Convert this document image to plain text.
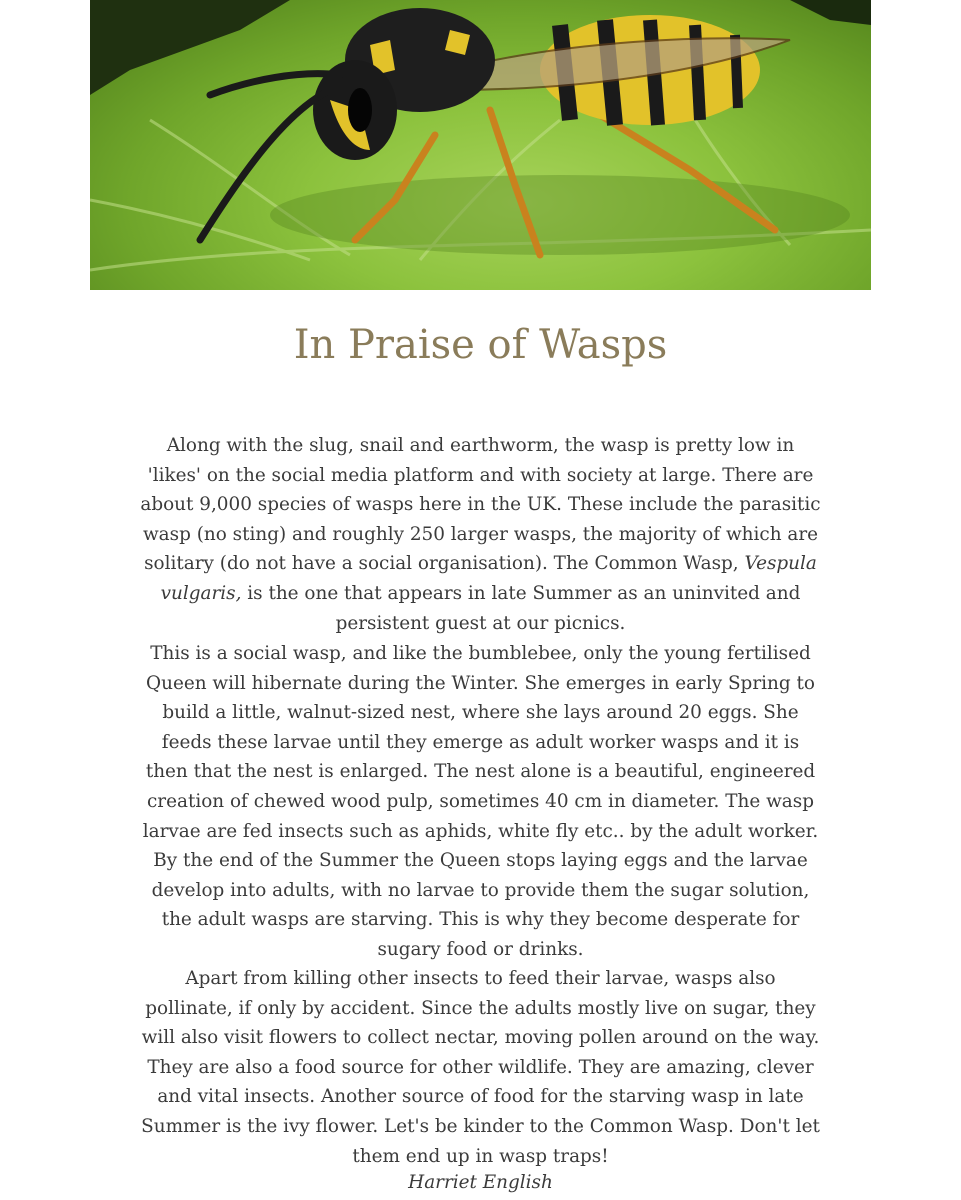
In Praise of Wasps

Along with the slug, snail and earthworm, the wasp is pretty low in 'likes' on the social media platform and with society at large. There are about 9,000 species of wasps here in the UK. These include the parasitic wasp (no sting) and roughly 250 larger wasps, the majority of which are solitary (do not have a social organisation). The Common Wasp, Vespula vulgaris, is the one that appears in late Summer as an uninvited and persistent guest at our picnics.

This is a social wasp, and like the bumblebee, only the young fertilised Queen will hibernate during the Winter. She emerges in early Spring to build a little, walnut-sized nest, where she lays around 20 eggs. She feeds these larvae until they emerge as adult worker wasps and it is then that the nest is enlarged. The nest alone is a beautiful, engineered creation of chewed wood pulp, sometimes 40 cm in diameter. The wasp larvae are fed insects such as aphids, white fly etc.. by the adult worker. By the end of the Summer the Queen stops laying eggs and the larvae develop into adults, with no larvae to provide them the sugar solution, the adult wasps are starving. This is why they become desperate for sugary food or drinks.

Apart from killing other insects to feed their larvae, wasps also pollinate, if only by accident. Since the adults mostly live on sugar, they will also visit flowers to collect nectar, moving pollen around on the way. They are also a food source for other wildlife. They are amazing, clever and vital insects. Another source of food for the starving wasp in late Summer is the ivy flower. Let's be kinder to the Common Wasp. Don't let them end up in wasp traps!

Harriet English
